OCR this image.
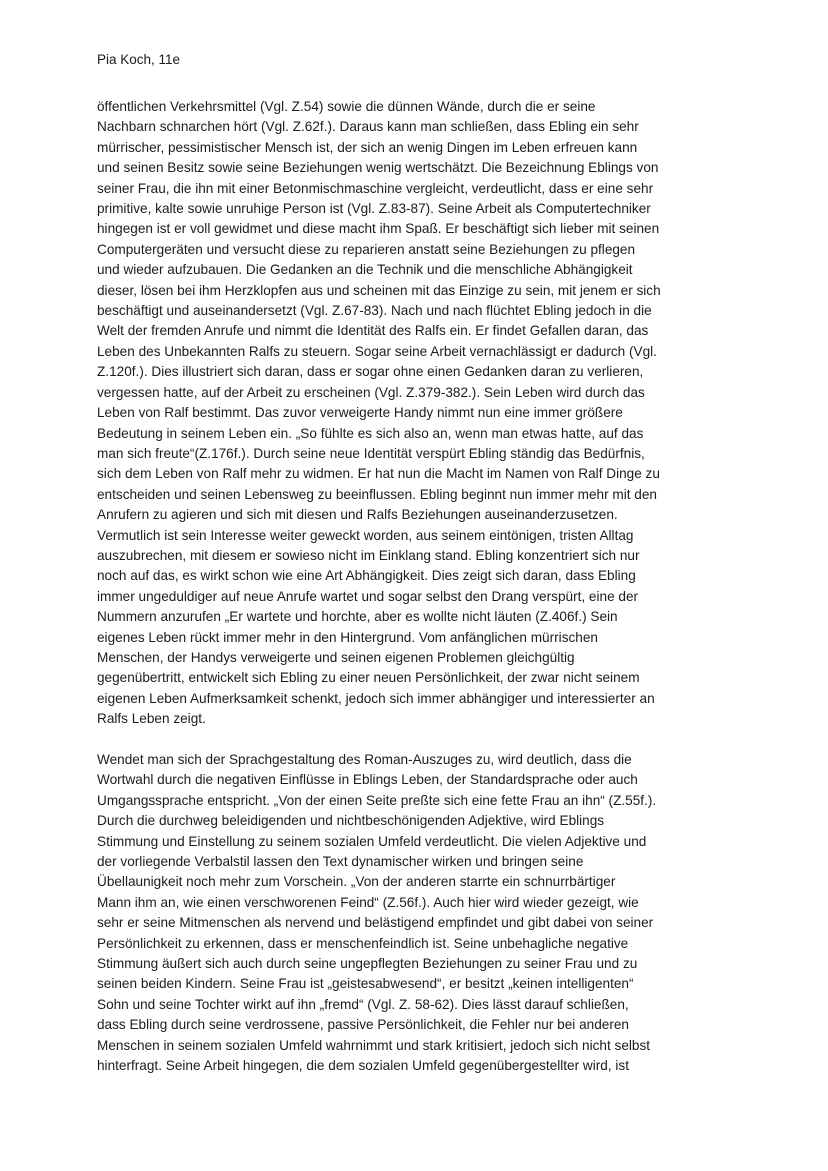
Pia Koch, 11e

öffentlichen Verkehrsmittel (Vgl. Z.54) sowie die dünnen Wände, durch die er seine
Nachbarn schnarchen hört (Vgl. Z.62f.). Daraus kann man schließen, dass Ebling ein sehr
mürrischer, pessimistischer Mensch ist, der sich an wenig Dingen im Leben erfreuen kann
und seinen Besitz sowie seine Beziehungen wenig wertschätzt. Die Bezeichnung Eblings von
seiner Frau, die ihn mit einer Betonmischmaschine vergleicht, verdeutlicht, dass er eine sehr
primitive, kalte sowie unruhige Person ist (Vgl. Z.83-87). Seine Arbeit als Computertechniker
hingegen ist er voll gewidmet und diese macht ihm Spaß. Er beschäftigt sich lieber mit seinen
Computergeräten und versucht diese zu reparieren anstatt seine Beziehungen zu pflegen
und wieder aufzubauen. Die Gedanken an die Technik und die menschliche Abhängigkeit
dieser, lösen bei ihm Herzklopfen aus und scheinen mit das Einzige zu sein, mit jenem er sich
beschäftigt und auseinandersetzt (Vgl. Z.67-83). Nach und nach flüchtet Ebling jedoch in die
Welt der fremden Anrufe und nimmt die Identität des Ralfs ein. Er findet Gefallen daran, das
Leben des Unbekannten Ralfs zu steuern. Sogar seine Arbeit vernachlässigt er dadurch (Vgl.
Z.120f.). Dies illustriert sich daran, dass er sogar ohne einen Gedanken daran zu verlieren,
vergessen hatte, auf der Arbeit zu erscheinen (Vgl. Z.379-382.). Sein Leben wird durch das
Leben von Ralf bestimmt. Das zuvor verweigerte Handy nimmt nun eine immer größere
Bedeutung in seinem Leben ein. „So fühlte es sich also an, wenn man etwas hatte, auf das
man sich freute“(Z.176f.). Durch seine neue Identität verspürt Ebling ständig das Bedürfnis,
sich dem Leben von Ralf mehr zu widmen. Er hat nun die Macht im Namen von Ralf Dinge zu
entscheiden und seinen Lebensweg zu beeinflussen. Ebling beginnt nun immer mehr mit den
Anrufern zu agieren und sich mit diesen und Ralfs Beziehungen auseinanderzusetzen.
Vermutlich ist sein Interesse weiter geweckt worden, aus seinem eintönigen, tristen Alltag
auszubrechen, mit diesem er sowieso nicht im Einklang stand. Ebling konzentriert sich nur
noch auf das, es wirkt schon wie eine Art Abhängigkeit. Dies zeigt sich daran, dass Ebling
immer ungeduldiger auf neue Anrufe wartet und sogar selbst den Drang verspürt, eine der
Nummern anzurufen „Er wartete und horchte, aber es wollte nicht läuten (Z.406f.) Sein
eigenes Leben rückt immer mehr in den Hintergrund. Vom anfänglichen mürrischen
Menschen, der Handys verweigerte und seinen eigenen Problemen gleichgültig
gegenübertritt, entwickelt sich Ebling zu einer neuen Persönlichkeit, der zwar nicht seinem
eigenen Leben Aufmerksamkeit schenkt, jedoch sich immer abhängiger und interessierter an
Ralfs Leben zeigt.
Wendet man sich der Sprachgestaltung des Roman-Auszuges zu, wird deutlich, dass die
Wortwahl durch die negativen Einflüsse in Eblings Leben, der Standardsprache oder auch
Umgangssprache entspricht. „Von der einen Seite preßte sich eine fette Frau an ihn“ (Z.55f.).
Durch die durchweg beleidigenden und nichtbeschönigenden Adjektive, wird Eblings
Stimmung und Einstellung zu seinem sozialen Umfeld verdeutlicht. Die vielen Adjektive und
der vorliegende Verbalstil lassen den Text dynamischer wirken und bringen seine
Übellaunigkeit noch mehr zum Vorschein. „Von der anderen starrte ein schnurrbärtiger
Mann ihm an, wie einen verschworenen Feind“ (Z.56f.). Auch hier wird wieder gezeigt, wie
sehr er seine Mitmenschen als nervend und belästigend empfindet und gibt dabei von seiner
Persönlichkeit zu erkennen, dass er menschenfeindlich ist. Seine unbehagliche negative
Stimmung äußert sich auch durch seine ungepflegten Beziehungen zu seiner Frau und zu
seinen beiden Kindern. Seine Frau ist „geistesabwesend“, er besitzt „keinen intelligenten“
Sohn und seine Tochter wirkt auf ihn „fremd“ (Vgl. Z. 58-62). Dies lässt darauf schließen,
dass Ebling durch seine verdrossene, passive Persönlichkeit, die Fehler nur bei anderen
Menschen in seinem sozialen Umfeld wahrnimmt und stark kritisiert, jedoch sich nicht selbst
hinterfragt. Seine Arbeit hingegen, die dem sozialen Umfeld gegenübergestellter wird, ist
